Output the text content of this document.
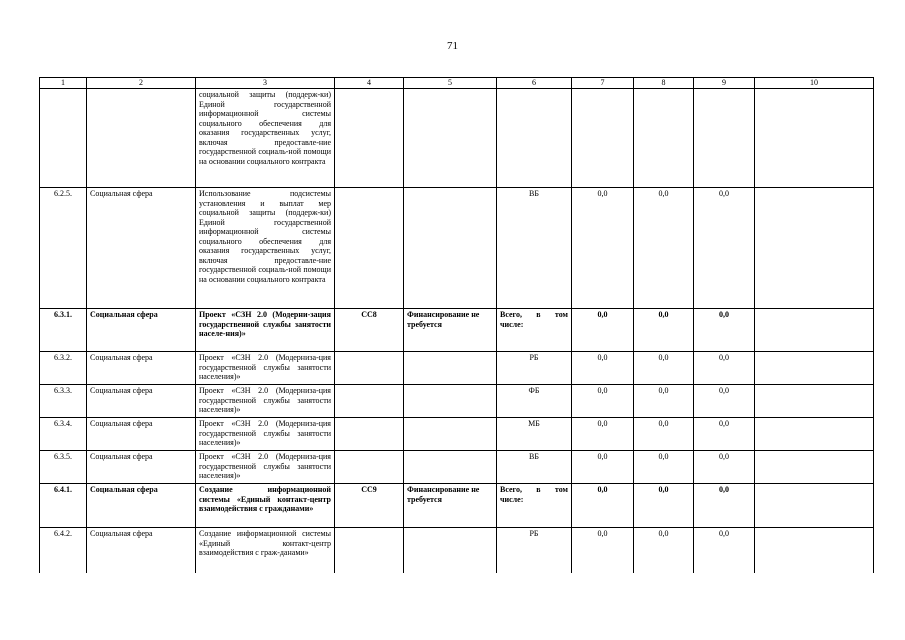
71
1	2	3	4	5	6	7	8	9	10
		социальной защиты (поддерж-ки) Единой государственной информационной системы социального обеспечения для оказания государственных услуг, включая предоставле-ние государственной социаль-ной помощи на основании социального контракта							
6.2.5.	Социальная сфера	Использование подсистемы установления и выплат мер социальной защиты (поддерж-ки) Единой государственной информационной системы социального обеспечения для оказания государственных услуг, включая предоставле-ние государственной социаль-ной помощи на основании социального контракта			ВБ	0,0	0,0	0,0	
6.3.1.	Социальная сфера	Проект «СЗН 2.0 (Модерни-зация государственной службы занятости населе-ния)»	СС8	Финансирование не требуется	Всего, в том числе:	0,0	0,0	0,0	
6.3.2.	Социальная сфера	Проект «СЗН 2.0 (Модерниза-ция государственной службы занятости населения)»			РБ	0,0	0,0	0,0	
6.3.3.	Социальная сфера	Проект «СЗН 2.0 (Модерниза-ция государственной службы занятости населения)»			ФБ	0,0	0,0	0,0	
6.3.4.	Социальная сфера	Проект «СЗН 2.0 (Модерниза-ция государственной службы занятости населения)»			МБ	0,0	0,0	0,0	
6.3.5.	Социальная сфера	Проект «СЗН 2.0 (Модерниза-ция государственной службы занятости населения)»			ВБ	0,0	0,0	0,0	
6.4.1.	Социальная сфера	Создание информационной системы «Единый контакт-центр взаимодействия с гражданами»	СС9	Финансирование не требуется	Всего, в том числе:	0,0	0,0	0,0	
6.4.2.	Социальная сфера	Создание информационной системы «Единый контакт-центр взаимодействия с граж-данами»			РБ	0,0	0,0	0,0	
